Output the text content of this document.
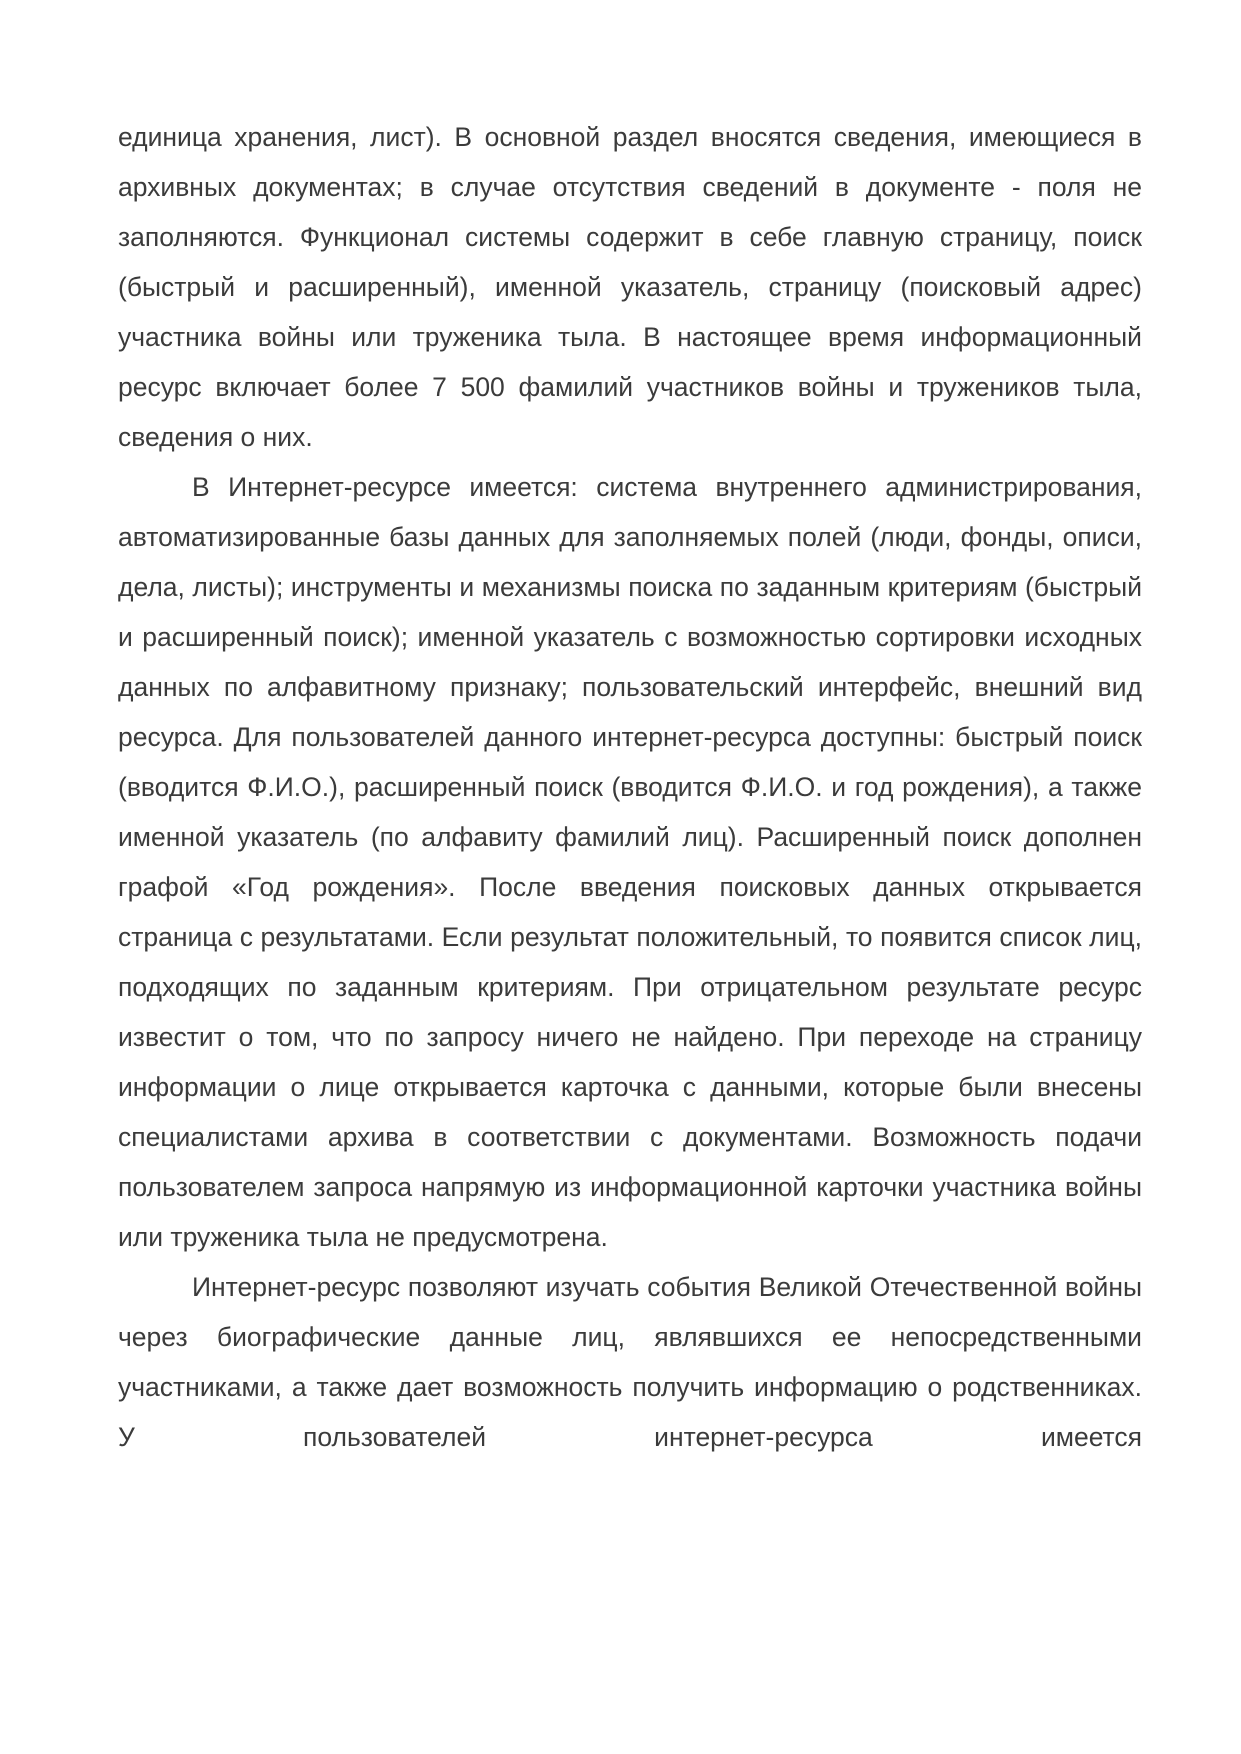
единица хранения, лист). В основной раздел вносятся сведения, имеющиеся в архивных документах; в случае отсутствия сведений в документе - поля не заполняются. Функционал системы содержит в себе главную страницу, поиск (быстрый и расширенный), именной указатель, страницу (поисковый адрес) участника войны или труженика тыла. В настоящее время информационный ресурс включает более 7 500 фамилий участников войны и тружеников тыла, сведения о них.

В Интернет-ресурсе имеется: система внутреннего администрирования, автоматизированные базы данных для заполняемых полей (люди, фонды, описи, дела, листы); инструменты и механизмы поиска по заданным критериям (быстрый и расширенный поиск); именной указатель с возможностью сортировки исходных данных по алфавитному признаку; пользовательский интерфейс, внешний вид ресурса. Для пользователей данного интернет-ресурса доступны: быстрый поиск (вводится Ф.И.О.), расширенный поиск (вводится Ф.И.О. и год рождения), а также именной указатель (по алфавиту фамилий лиц). Расширенный поиск дополнен графой «Год рождения». После введения поисковых данных открывается страница с результатами. Если результат положительный, то появится список лиц, подходящих по заданным критериям. При отрицательном результате ресурс известит о том, что по запросу ничего не найдено. При переходе на страницу информации о лице открывается карточка с данными, которые были внесены специалистами архива в соответствии с документами. Возможность подачи пользователем запроса напрямую из информационной карточки участника войны или труженика тыла не предусмотрена.

Интернет-ресурс позволяют изучать события Великой Отечественной войны через биографические данные лиц, являвшихся ее непосредственными участниками, а также дает возможность получить информацию о родственниках. У пользователей интернет-ресурса имеется
